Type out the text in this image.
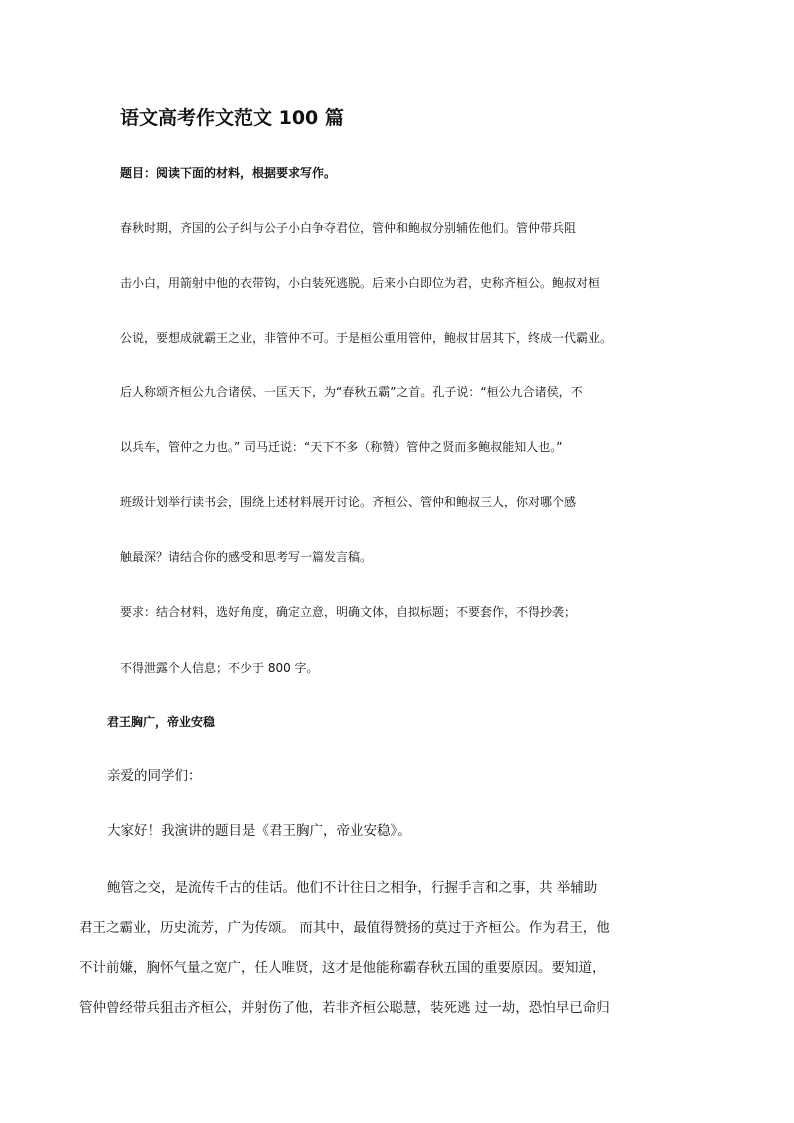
语文高考作文范文 100 篇
题目：阅读下面的材料，根据要求写作。
春秋时期，齐国的公子纠与公子小白争夺君位，管仲和鲍叔分别辅佐他们。管仲带兵阻
击小白，用箭射中他的衣带钩，小白装死逃脱。后来小白即位为君，史称齐桓公。鲍叔对桓
公说，要想成就霸王之业，非管仲不可。于是桓公重用管仲，鲍叔甘居其下，终成一代霸业。
后人称颂齐桓公九合诸侯、一匡天下，为“春秋五霸”之首。孔子说：“桓公九合诸侯，不
以兵车，管仲之力也。” 司马迁说：“天下不多（称赞）管仲之贤而多鲍叔能知人也。”
班级计划举行读书会，围绕上述材料展开讨论。齐桓公、管仲和鲍叔三人，你对哪个感
触最深？请结合你的感受和思考写一篇发言稿。
要求：结合材料，选好角度，确定立意，明确文体，自拟标题；不要套作，不得抄袭；
不得泄露个人信息；不少于 800 字。
君王胸广，帝业安稳
亲爱的同学们：
大家好！我演讲的题目是《君王胸广，帝业安稳》。
鲍管之交，是流传千古的佳话。他们不计往日之相争，行握手言和之事，共 举辅助
君王之霸业，历史流芳，广为传颂。 而其中，最值得赞扬的莫过于齐桓公。作为君王，他
不计前嫌，胸怀气量之宽广，任人唯贤，这才是他能称霸春秋五国的重要原因。要知道，
管仲曾经带兵狙击齐桓公，并射伤了他，若非齐桓公聪慧，装死逃 过一劫，恐怕早已命归
